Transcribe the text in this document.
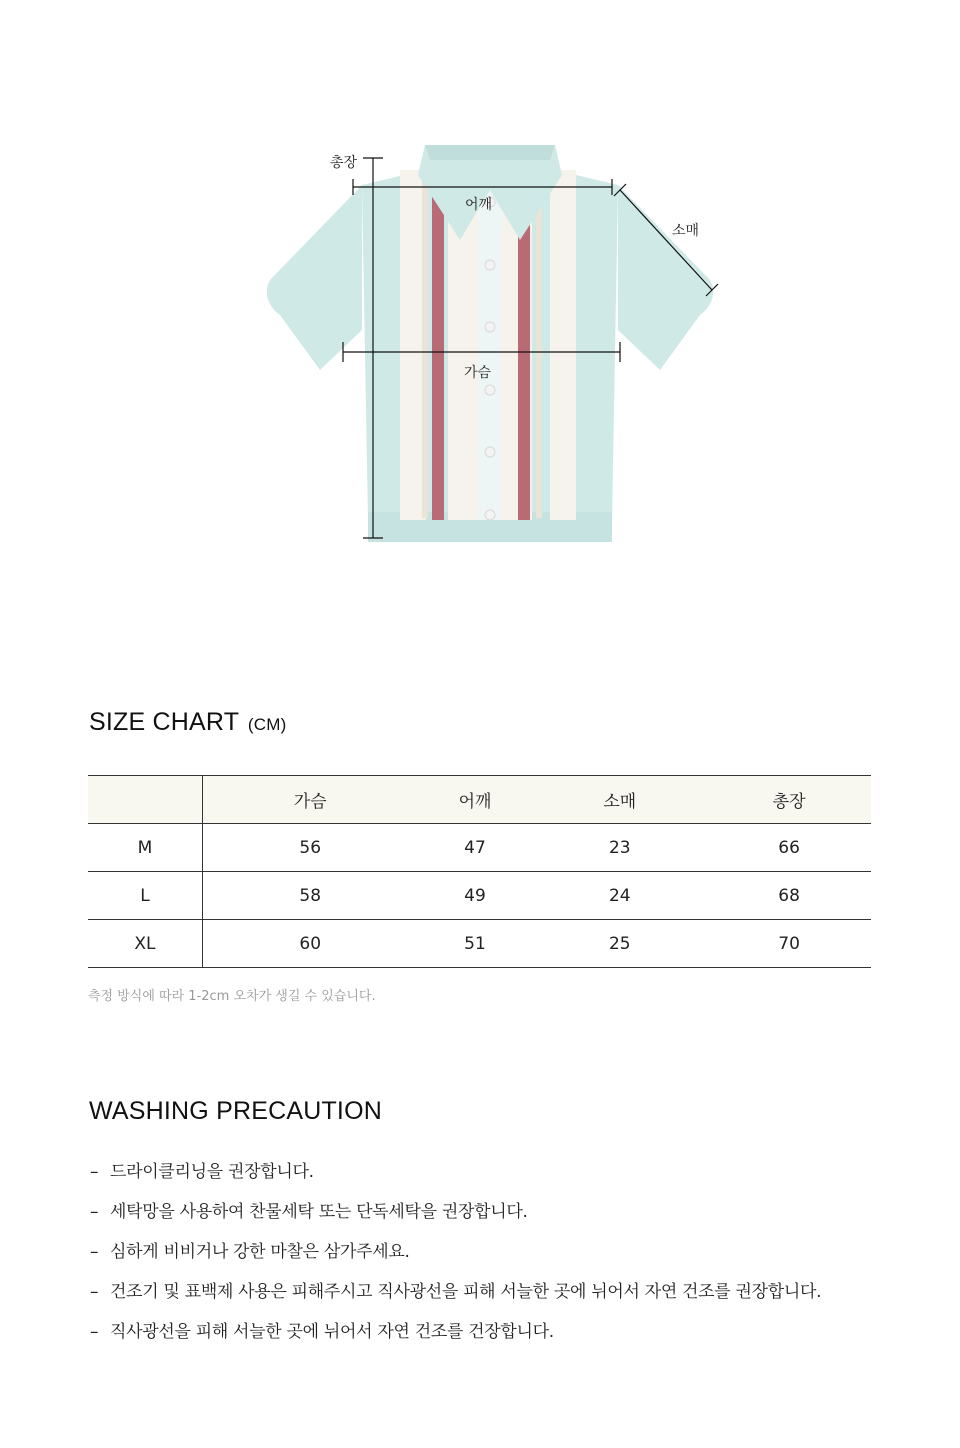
총장
어깨
소매
가슴
SIZE CHART (CM)
	가슴	어깨	소매	총장
M	56	47	23	66
L	58	49	24	68
XL	60	51	25	70
측정 방식에 따라 1-2cm 오차가 생길 수 있습니다.
WASHING PRECAUTION
– 드라이클리닝을 권장합니다.
– 세탁망을 사용하여 찬물세탁 또는 단독세탁을 권장합니다.
– 심하게 비비거나 강한 마찰은 삼가주세요.
– 건조기 및 표백제 사용은 피해주시고 직사광선을 피해 서늘한 곳에 뉘어서 자연 건조를 권장합니다.
– 직사광선을 피해 서늘한 곳에 뉘어서 자연 건조를 건장합니다.
